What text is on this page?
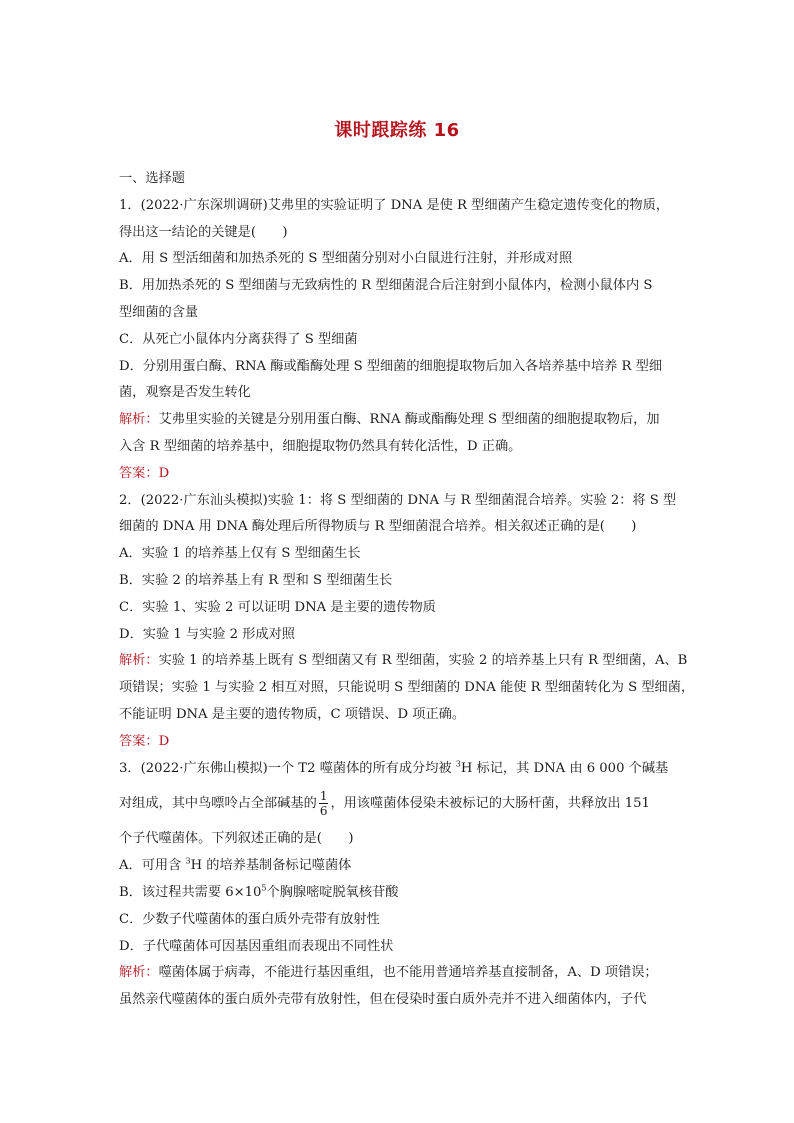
课时跟踪练 16
一、选择题
1．(2022·广东深圳调研)艾弗里的实验证明了 DNA 是使 R 型细菌产生稳定遗传变化的物质，
得出这一结论的关键是(　　)
A．用 S 型活细菌和加热杀死的 S 型细菌分别对小白鼠进行注射，并形成对照
B．用加热杀死的 S 型细菌与无致病性的 R 型细菌混合后注射到小鼠体内，检测小鼠体内 S
型细菌的含量
C．从死亡小鼠体内分离获得了 S 型细菌
D．分别用蛋白酶、RNA 酶或酯酶处理 S 型细菌的细胞提取物后加入各培养基中培养 R 型细
菌，观察是否发生转化
解析：艾弗里实验的关键是分别用蛋白酶、RNA 酶或酯酶处理 S 型细菌的细胞提取物后，加
入含 R 型细菌的培养基中，细胞提取物仍然具有转化活性，D 正确。
答案：D
2．(2022·广东汕头模拟)实验 1：将 S 型细菌的 DNA 与 R 型细菌混合培养。实验 2：将 S 型
细菌的 DNA 用 DNA 酶处理后所得物质与 R 型细菌混合培养。相关叙述正确的是(　　)
A．实验 1 的培养基上仅有 S 型细菌生长
B．实验 2 的培养基上有 R 型和 S 型细菌生长
C．实验 1、实验 2 可以证明 DNA 是主要的遗传物质
D．实验 1 与实验 2 形成对照
解析：实验 1 的培养基上既有 S 型细菌又有 R 型细菌，实验 2 的培养基上只有 R 型细菌，A、B
项错误；实验 1 与实验 2 相互对照，只能说明 S 型细菌的 DNA 能使 R 型细菌转化为 S 型细菌，
不能证明 DNA 是主要的遗传物质，C 项错误、D 项正确。
答案：D
3．(2022·广东佛山模拟)一个 T2 噬菌体的所有成分均被 $^3$H 标记，其 DNA 由 6 000 个碱基
对组成，其中鸟嘌呤占全部碱基的 $\frac{1}{6}$ ，用该噬菌体侵染未被标记的大肠杆菌，共释放出 151
个子代噬菌体。下列叙述正确的是(　　)
A．可用含 $^3$H 的培养基制备标记噬菌体
B．该过程共需要 $6\times 10^5$个胸腺嘧啶脱氧核苷酸
C．少数子代噬菌体的蛋白质外壳带有放射性
D．子代噬菌体可因基因重组而表现出不同性状
解析：噬菌体属于病毒，不能进行基因重组，也不能用普通培养基直接制备，A、D 项错误；
虽然亲代噬菌体的蛋白质外壳带有放射性，但在侵染时蛋白质外壳并不进入细菌体内，子代
